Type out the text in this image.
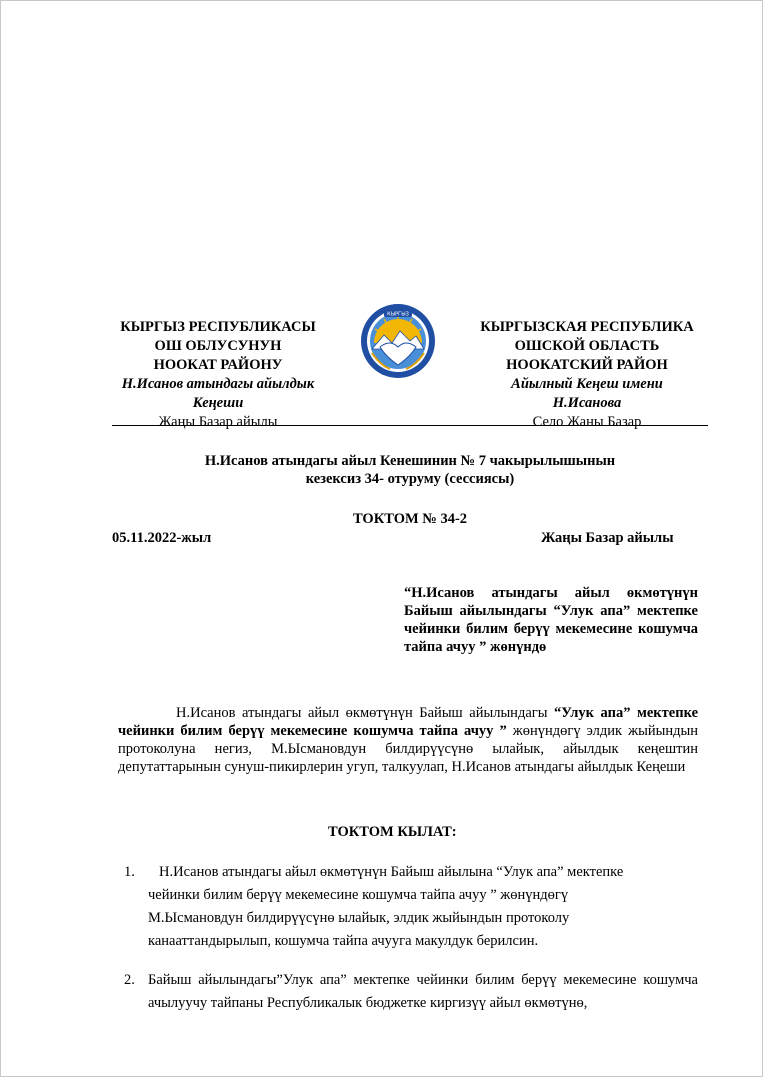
КЫРГЫЗ РЕСПУБЛИКАСЫ
ОШ ОБЛУСУНУН
НООКАТ РАЙОНУ
Н.Исанов атындагы айылдык
Кеңеши
Жаңы Базар айылы
КЫРГЫЗ
КЫРГЫЗСКАЯ РЕСПУБЛИКА
ОШСКОЙ ОБЛАСТЬ
НООКАТСКИЙ РАЙОН
Айылный Кеңеш имени
Н.Исанова
Село Жаны Базар
Н.Исанов атындагы айыл Кенешинин № 7 чакырылышынын
кезексиз 34- отуруму (сессиясы)
ТОКТОМ № 34-2
05.11.2022-жыл	Жаңы Базар айылы
“Н.Исанов атындагы айыл өкмөтүнүн Байыш айылындагы “Улук апа” мектепке чейинки билим берүү мекемесине кошумча тайпа ачуу ” жөнүндө
Н.Исанов атындагы айыл өкмөтүнүн Байыш айылындагы “Улук апа” мектепке чейинки билим берүү мекемесине кошумча тайпа ачуу ” жөнүндөгү элдик жыйындын протоколуна негиз, М.Ысмановдун билдирүүсүнө ылайык, айылдык кеңештин депутаттарынын сунуш-пикирлерин угуп, талкуулап, Н.Исанов атындагы айылдык Кеңеши
ТОКТОМ КЫЛАТ:
1.	Н.Исанов атындагы айыл өкмөтүнүн Байыш айылына “Улук апа” мектепке
чейинки билим берүү мекемесине кошумча тайпа ачуу ” жөнүндөгү
М.Ысмановдун билдирүүсүнө ылайык, элдик жыйындын протоколу
канааттандырылып, кошумча тайпа ачууга макулдук берилсин.
2. Байыш айылындагы”Улук апа” мектепке чейинки билим берүү мекемесине кошумча ачылуучу тайпаны Республикалык бюджетке киргизүү айыл өкмөтүнө,
